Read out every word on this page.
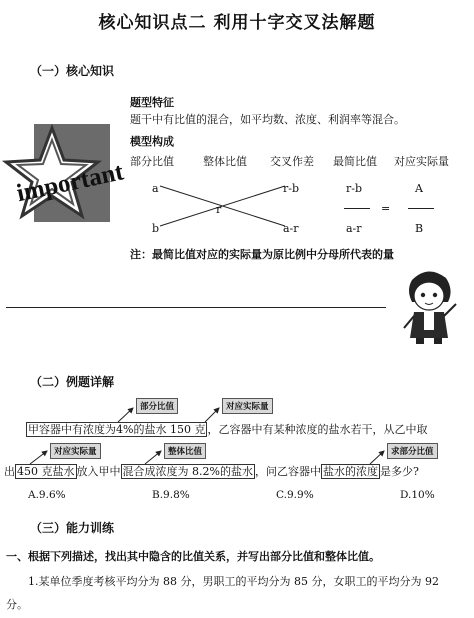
核心知识点二 利用十字交叉法解题
（一）核心知识
important
题型特征
题干中有比值的混合，如平均数、浓度、利润率等混合。
模型构成
部分比值	整体比值 交叉作差 最简比值 对应实际量
a
b
r
r-b
a-r
r-b
a-r
=
A
B
注：最简比值对应的实际量为原比例中分母所代表的量
（二）例题详解
部分比值	对应实际量
甲容器中有浓度为4%的盐水 150 克 ，乙容器中有某种浓度的盐水若干，从乙中取
对应实际量	整体比值	求部分比值
出 450 克盐水 放入甲中 混合成浓度为 8.2%的盐水 ，问乙容器中 盐水的浓度 是多少?
A.9.6%	B.9.8%	C.9.9%	D.10%
（三）能力训练
一、根据下列描述，找出其中隐含的比值关系，并写出部分比值和整体比值。
1.某单位季度考核平均分为 88 分，男职工的平均分为 85 分，女职工的平均分为 92
分。
